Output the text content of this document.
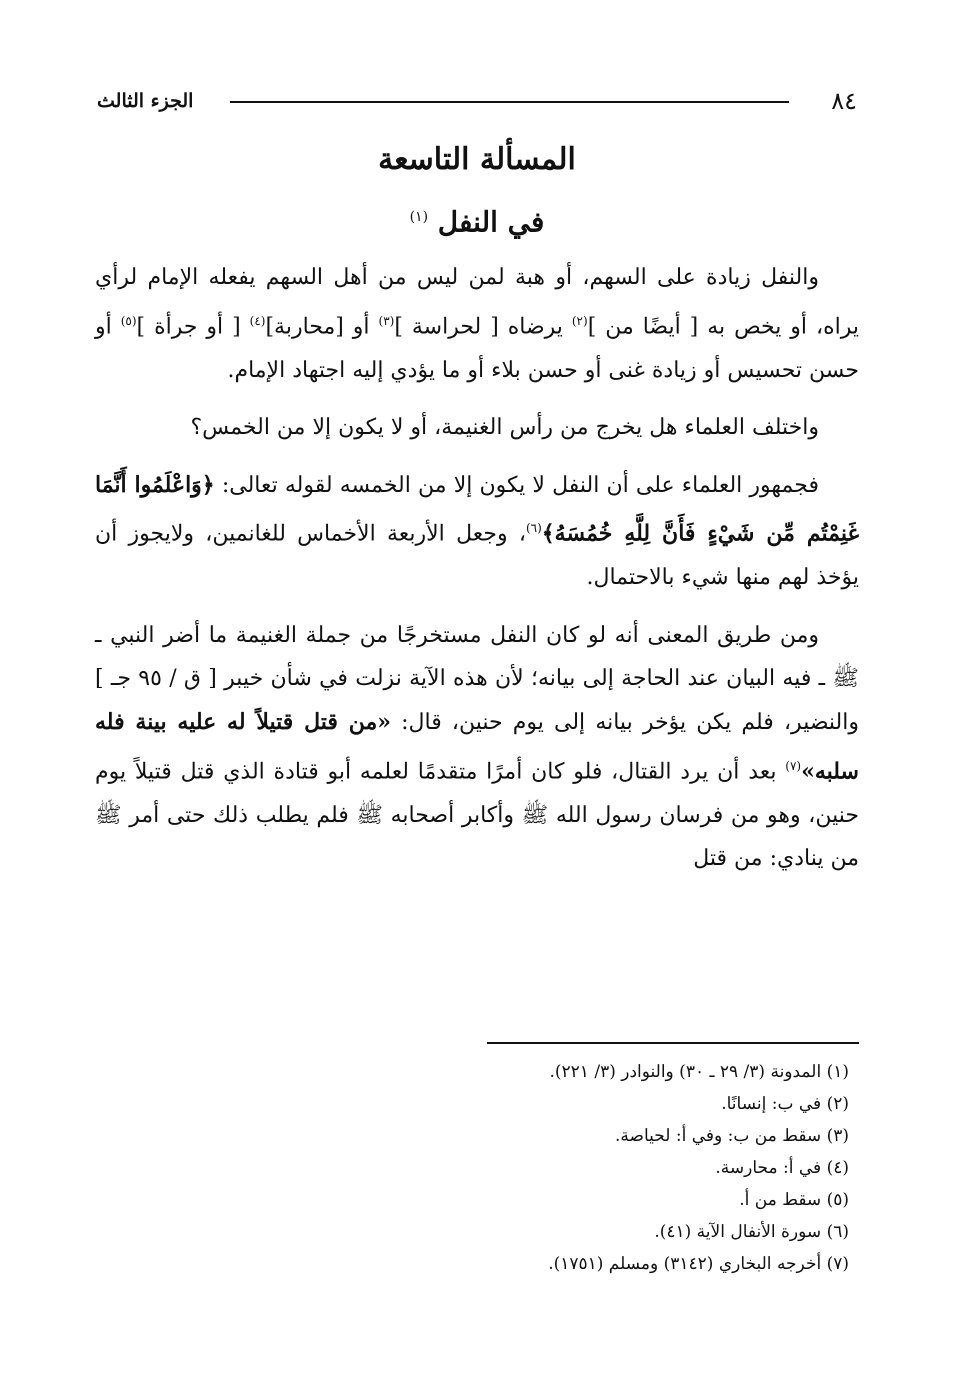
٨٤
الجزء الثالث
المسألة التاسعة
في النفل $^{(١)}$

والنفل زيادة على السهم، أو هبة لمن ليس من أهل السهم يفعله الإمام لرأي يراه، أو يخص به [ أيضًا من ]$^{(٢)}$ يرضاه [ لحراسة ]$^{(٣)}$ أو [محاربة]$^{(٤)}$ [ أو جرأة ]$^{(٥)}$ أو حسن تحسيس أو زيادة غنى أو حسن بلاء أو ما يؤدي إليه اجتهاد الإمام.

واختلف العلماء هل يخرج من رأس الغنيمة، أو لا يكون إلا من الخمس؟

فجمهور العلماء على أن النفل لا يكون إلا من الخمسه لقوله تعالى: ﴿وَاعْلَمُوا أَنَّمَا غَنِمْتُم مِّن شَيْءٍ فَأَنَّ لِلَّهِ خُمُسَهُ﴾$^{(٦)}$، وجعل الأربعة الأخماس للغانمين، ولايجوز أن يؤخذ لهم منها شيء بالاحتمال.

ومن طريق المعنى أنه لو كان النفل مستخرجًا من جملة الغنيمة ما أضر النبي ـ ﷺ ـ فيه البيان عند الحاجة إلى بيانه؛ لأن هذه الآية نزلت في شأن خيبر [ ق / ٩٥ جـ ] والنضير، فلم يكن يؤخر بيانه إلى يوم حنين، قال: «من قتل قتيلاً له عليه بينة فله سلبه»$^{(٧)}$ بعد أن يرد القتال، فلو كان أمرًا متقدمًا لعلمه أبو قتادة الذي قتل قتيلاً يوم حنين، وهو من فرسان رسول الله ﷺ وأكابر أصحابه ﷺ فلم يطلب ذلك حتى أمر ﷺ من ينادي: من قتل

(١) المدونة (٣/ ٢٩ ـ ٣٠) والنوادر (٣/ ٢٢١).

(٢) في ب: إنسانًا.

(٣) سقط من ب: وفي أ: لحياصة.

(٤) في أ: محارسة.

(٥) سقط من أ.

(٦) سورة الأنفال الآية (٤١).

(٧) أخرجه البخاري (٣١٤٢) ومسلم (١٧٥١).
